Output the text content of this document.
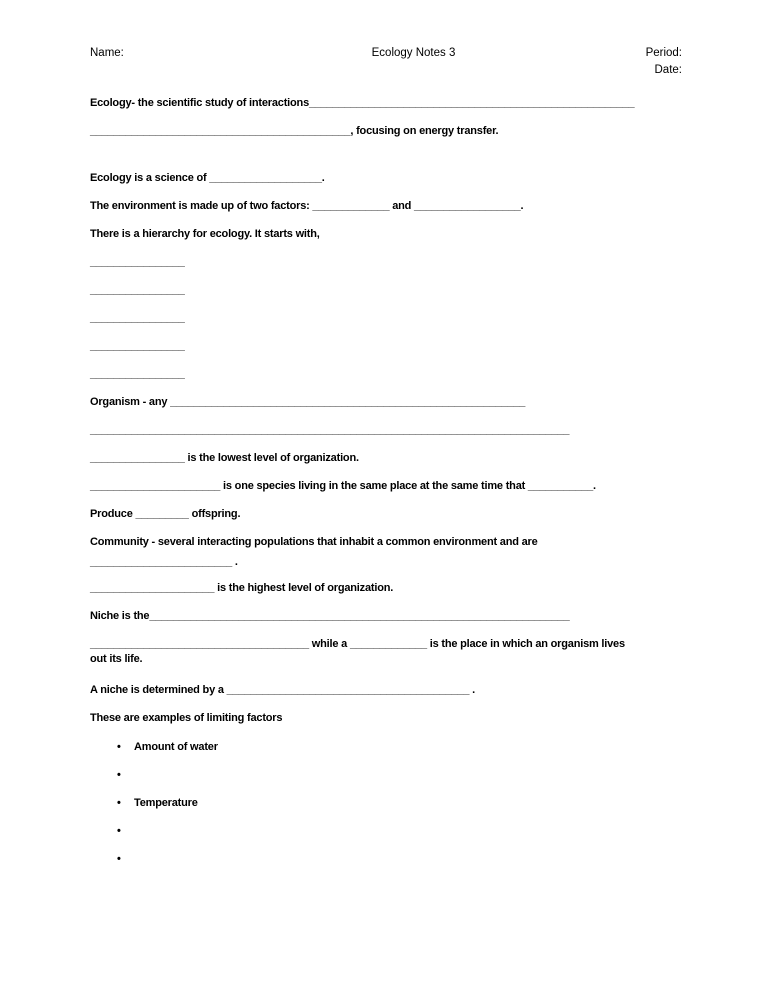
Name:	Ecology Notes 3	Period:
Date:
Ecology- the scientific study of interactions_______________________________________________________
____________________________________________, focusing on energy transfer.
Ecology is a science of ___________________.
The environment is made up of two factors: _____________ and __________________.
There is a hierarchy for ecology. It starts with,
________________
________________
________________
________________
________________
Organism - any ____________________________________________________________
_________________________________________________________________________________
________________ is the lowest level of organization.
______________________ is one species living in the same place at the same time that ___________.
Produce _________ offspring.
Community - several interacting populations that inhabit a common environment and are
________________________ .
_____________________ is the highest level of organization.
Niche is the_______________________________________________________________________
_____________________________________ while a _____________ is the place in which an organism lives
out its life.
A niche is determined by a _________________________________________ .
These are examples of limiting factors
•	Amount of water
•
•	Temperature
•
•
